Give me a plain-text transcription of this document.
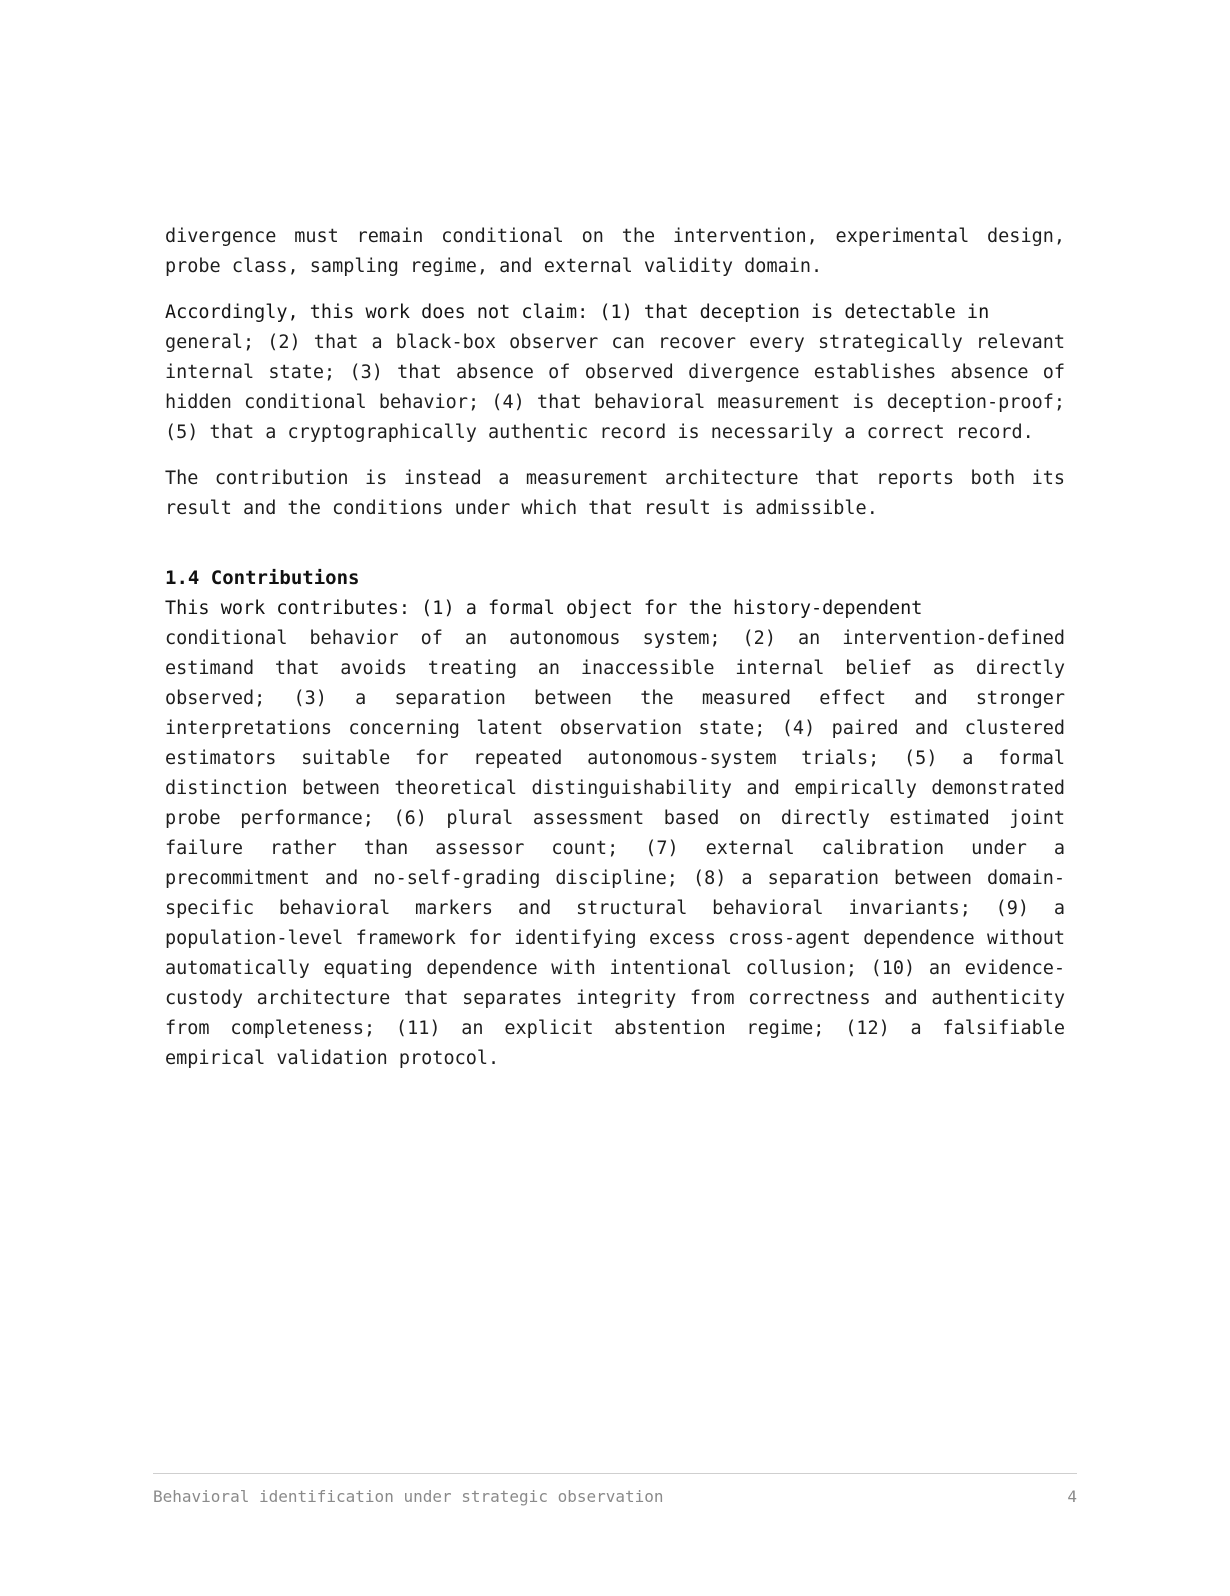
divergence must remain conditional on the intervention, experimental design, probe class, sampling regime, and external validity domain.

Accordingly, this work does not claim: (1) that deception is detectable in
general; (2) that a black-box observer can recover every strategically relevant internal state; (3) that absence of observed divergence establishes absence of hidden conditional behavior; (4) that behavioral measurement is deception-proof; (5) that a cryptographically authentic record is necessarily a correct record.

The contribution is instead a measurement architecture that reports both its result and the conditions under which that result is admissible.

1.4 Contributions

This work contributes: (1) a formal object for the history-dependent
conditional behavior of an autonomous system; (2) an intervention-defined estimand that avoids treating an inaccessible internal belief as directly observed; (3) a separation between the measured effect and stronger interpretations concerning latent observation state; (4) paired and clustered estimators suitable for repeated autonomous-system trials; (5) a formal distinction between theoretical distinguishability and empirically demonstrated probe performance; (6) plural assessment based on directly estimated joint failure rather than assessor count; (7) external calibration under a precommitment and no-self-grading discipline; (8) a separation between domain-specific behavioral markers and structural behavioral invariants; (9) a population-level framework for identifying excess cross-agent dependence without automatically equating dependence with intentional collusion; (10) an evidence-custody architecture that separates integrity from correctness and authenticity from completeness; (11) an explicit abstention regime; (12) a falsifiable empirical validation protocol.

Behavioral identification under strategic observation	4
